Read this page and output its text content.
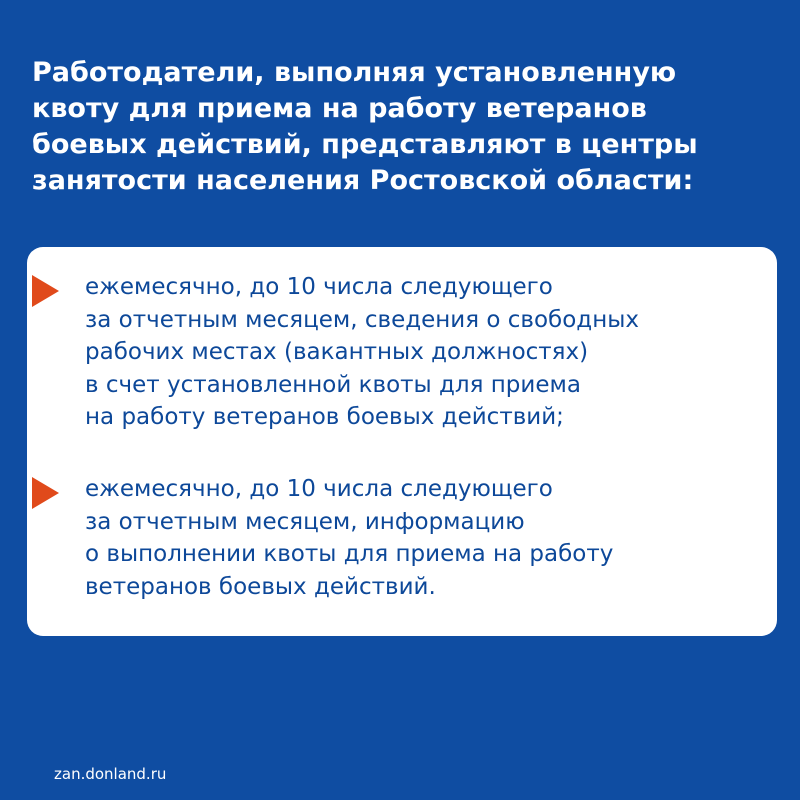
Работодатели, выполняя установленную
квоту для приема на работу ветеранов
боевых действий, представляют в центры
занятости населения Ростовской области:

ежемесячно, до 10 числа следующего
за отчетным месяцем, сведения о свободных
рабочих местах (вакантных должностях)
в счет установленной квоты для приема
на работу ветеранов боевых действий;

ежемесячно, до 10 числа следующего
за отчетным месяцем, информацию
о выполнении квоты для приема на работу
ветеранов боевых действий.

zan.donland.ru
